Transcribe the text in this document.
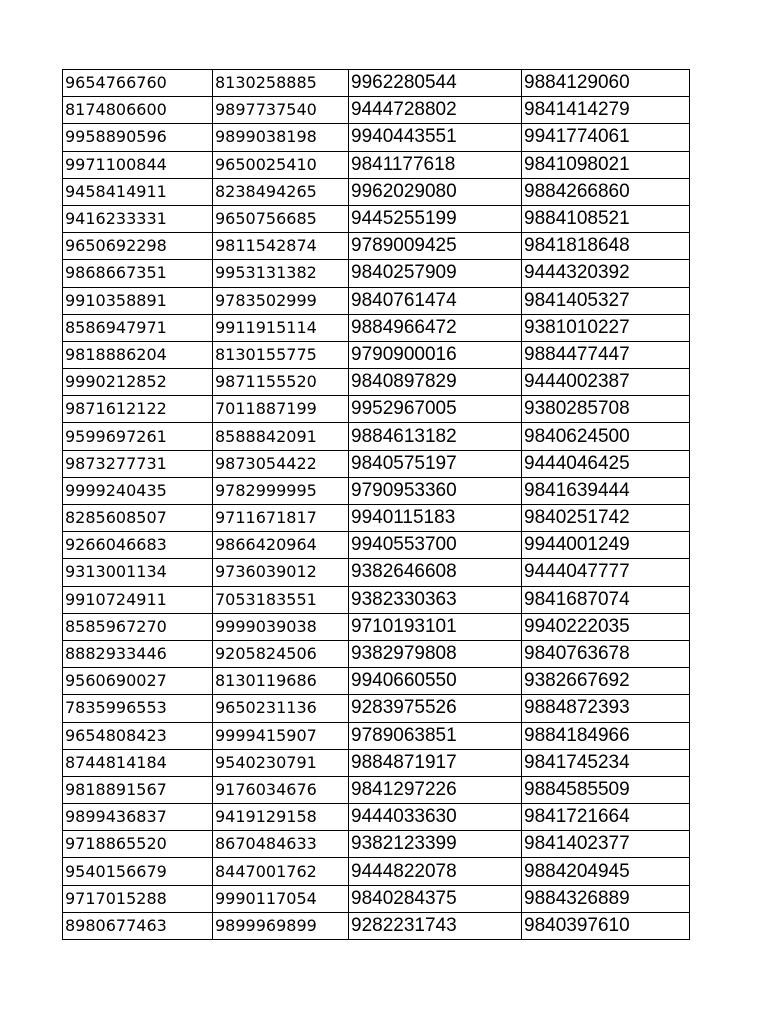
9654766760	8130258885	9962280544	9884129060
8174806600	9897737540	9444728802	9841414279
9958890596	9899038198	9940443551	9941774061
9971100844	9650025410	9841177618	9841098021
9458414911	8238494265	9962029080	9884266860
9416233331	9650756685	9445255199	9884108521
9650692298	9811542874	9789009425	9841818648
9868667351	9953131382	9840257909	9444320392
9910358891	9783502999	9840761474	9841405327
8586947971	9911915114	9884966472	9381010227
9818886204	8130155775	9790900016	9884477447
9990212852	9871155520	9840897829	9444002387
9871612122	7011887199	9952967005	9380285708
9599697261	8588842091	9884613182	9840624500
9873277731	9873054422	9840575197	9444046425
9999240435	9782999995	9790953360	9841639444
8285608507	9711671817	9940115183	9840251742
9266046683	9866420964	9940553700	9944001249
9313001134	9736039012	9382646608	9444047777
9910724911	7053183551	9382330363	9841687074
8585967270	9999039038	9710193101	9940222035
8882933446	9205824506	9382979808	9840763678
9560690027	8130119686	9940660550	9382667692
7835996553	9650231136	9283975526	9884872393
9654808423	9999415907	9789063851	9884184966
8744814184	9540230791	9884871917	9841745234
9818891567	9176034676	9841297226	9884585509
9899436837	9419129158	9444033630	9841721664
9718865520	8670484633	9382123399	9841402377
9540156679	8447001762	9444822078	9884204945
9717015288	9990117054	9840284375	9884326889
8980677463	9899969899	9282231743	9840397610
